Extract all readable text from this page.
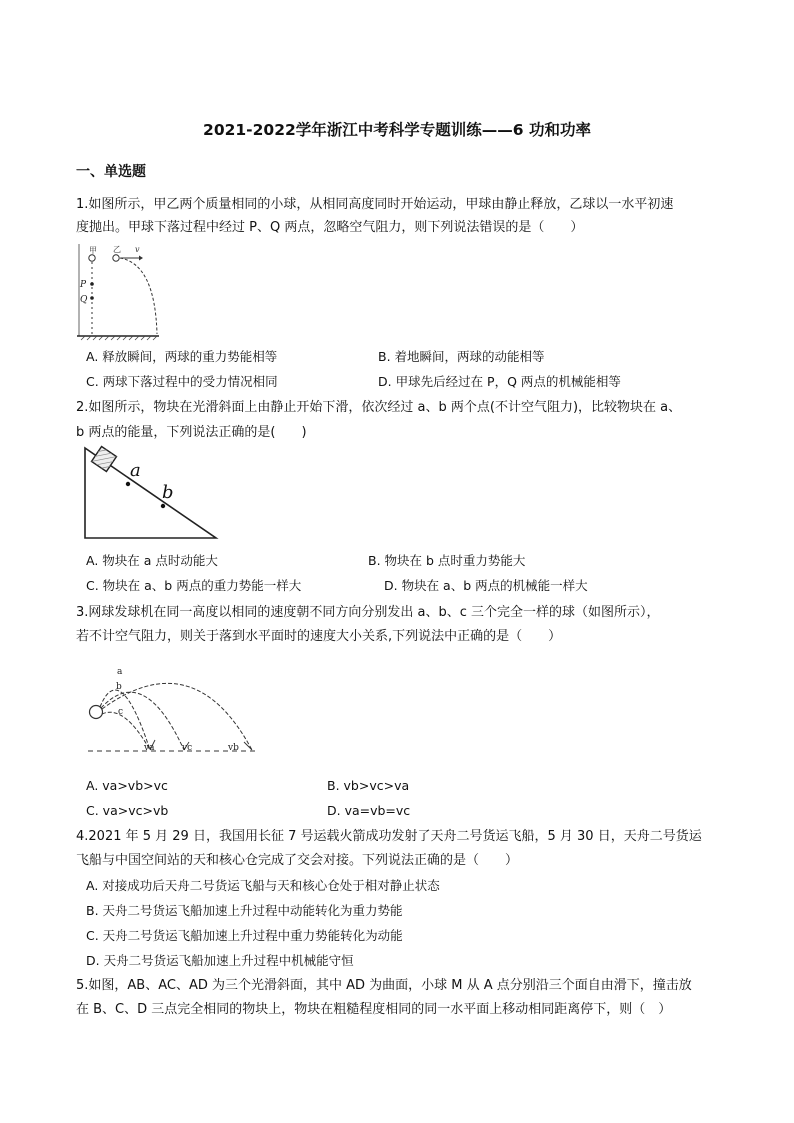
2021-2022学年浙江中考科学专题训练——6 功和功率
一、单选题
1.如图所示，甲乙两个质量相同的小球，从相同高度同时开始运动，甲球由静止释放，乙球以一水平初速
度抛出。甲球下落过程中经过 P、Q 两点，忽略空气阻力，则下列说法错误的是（　　）
甲 乙 v
P
Q
A. 释放瞬间，两球的重力势能相等	B. 着地瞬间，两球的动能相等
C. 两球下落过程中的受力情况相同	D. 甲球先后经过在 P，Q 两点的机械能相等
2.如图所示，物块在光滑斜面上由静止开始下滑，依次经过 a、b 两个点(不计空气阻力)，比较物块在 a、
b 两点的能量，下列说法正确的是(　　)
a
b
A. 物块在 a 点时动能大	B. 物块在 b 点时重力势能大
C. 物块在 a、b 两点的重力势能一样大	D. 物块在 a、b 两点的机械能一样大
3.网球发球机在同一高度以相同的速度朝不同方向分别发出 a、b、c 三个完全一样的球（如图所示），
若不计空气阻力，则关于落到水平面时的速度大小关系,下列说法中正确的是（　　）
a
b
c
va	vc	vb
A. va>vb>vc	B. vb>vc>va
C. va>vc>vb	D. va=vb=vc
4.2021 年 5 月 29 日，我国用长征 7 号运载火箭成功发射了天舟二号货运飞船，5 月 30 日，天舟二号货运
飞船与中国空间站的天和核心仓完成了交会对接。下列说法正确的是（　　）
A. 对接成功后天舟二号货运飞船与天和核心仓处于相对静止状态
B. 天舟二号货运飞船加速上升过程中动能转化为重力势能
C. 天舟二号货运飞船加速上升过程中重力势能转化为动能
D. 天舟二号货运飞船加速上升过程中机械能守恒
5.如图，AB、AC、AD 为三个光滑斜面，其中 AD 为曲面，小球 M 从 A 点分别沿三个面自由滑下，撞击放
在 B、C、D 三点完全相同的物块上，物块在粗糙程度相同的同一水平面上移动相同距离停下，则（　）
